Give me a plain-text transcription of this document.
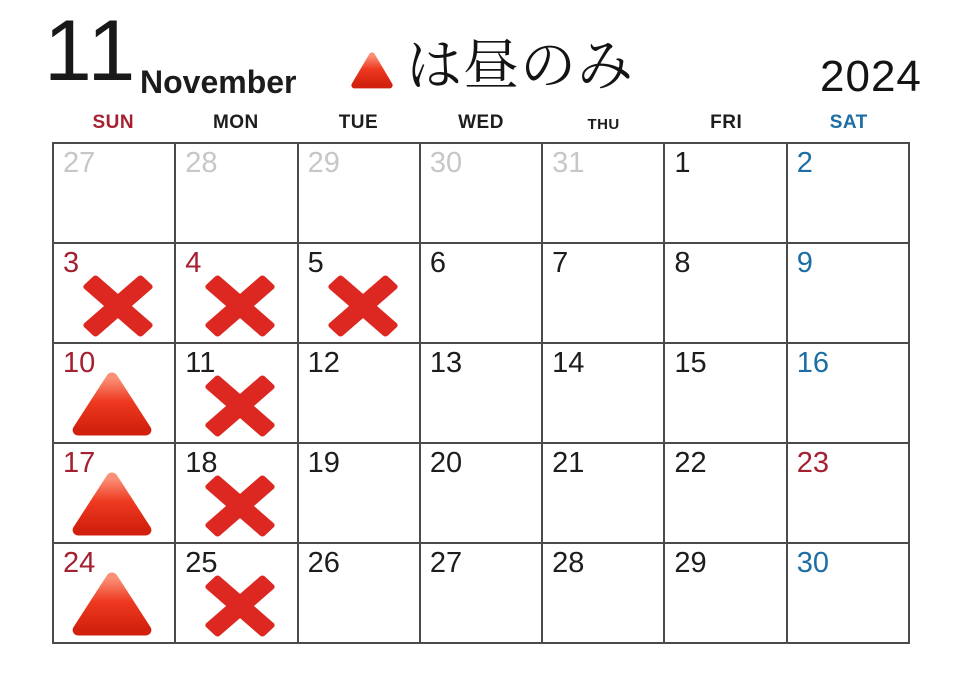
11 November は昼のみ	2024
SUN	MON	TUE	WED	THU	FRI	SAT
27	28	29	30	31	1	2
3	4	5	6	7	8	9
10	11	12	13	14	15	16
17	18	19	20	21	22	23
24	25	26	27	28	29	30
